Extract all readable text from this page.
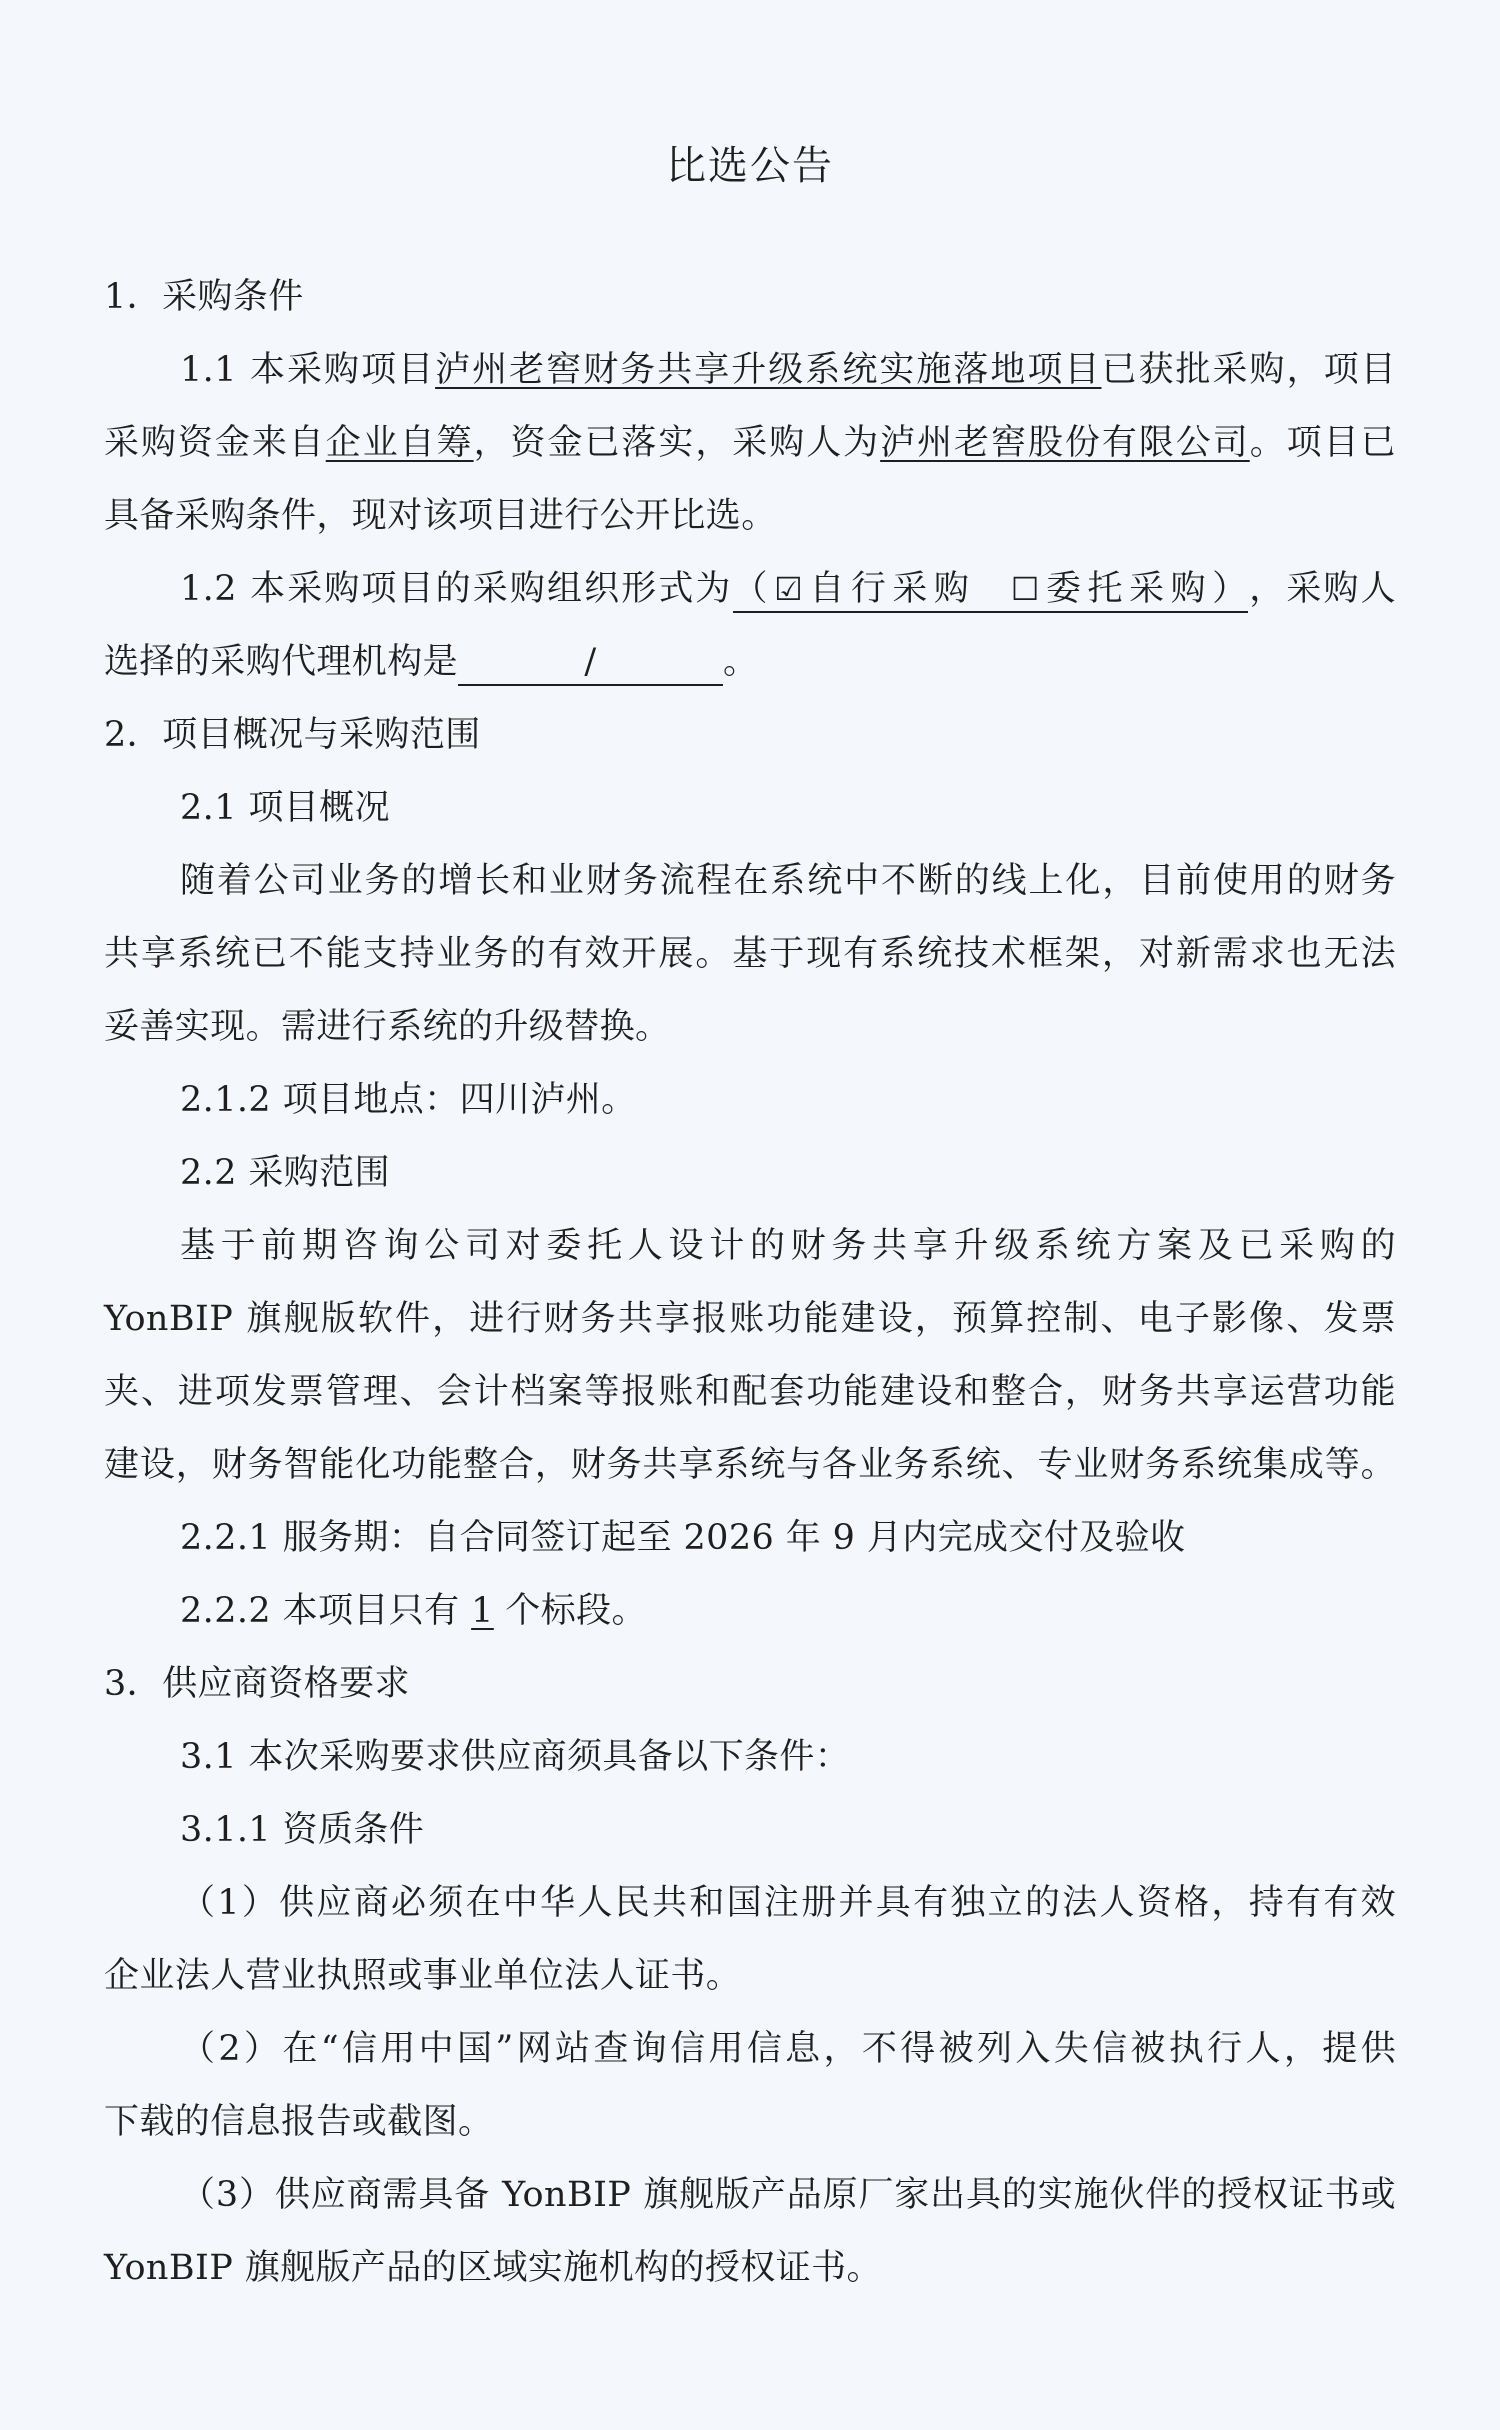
比选公告
1．采购条件
1.1 本采购项目泸州老窖财务共享升级系统实施落地项目已获批采购，项目
采购资金来自企业自筹，资金已落实，采购人为泸州老窖股份有限公司。项目已
具备采购条件，现对该项目进行公开比选。
1.2 本采购项目的采购组织形式为（☑自行采购 ☐委托采购），采购人
选择的采购代理机构是	/	。
2．项目概况与采购范围
2.1 项目概况
随着公司业务的增长和业财务流程在系统中不断的线上化，目前使用的财务
共享系统已不能支持业务的有效开展。基于现有系统技术框架，对新需求也无法
妥善实现。需进行系统的升级替换。
2.1.2 项目地点：四川泸州。
2.2 采购范围
基于前期咨询公司对委托人设计的财务共享升级系统方案及已采购的
YonBIP 旗舰版软件，进行财务共享报账功能建设，预算控制、电子影像、发票
夹、进项发票管理、会计档案等报账和配套功能建设和整合，财务共享运营功能
建设，财务智能化功能整合，财务共享系统与各业务系统、专业财务系统集成等。
2.2.1 服务期：自合同签订起至 2026 年 9 月内完成交付及验收
2.2.2 本项目只有 1 个标段。
3．供应商资格要求
3.1 本次采购要求供应商须具备以下条件：
3.1.1 资质条件
（1）供应商必须在中华人民共和国注册并具有独立的法人资格，持有有效
企业法人营业执照或事业单位法人证书。
（2）在“信用中国”网站查询信用信息，不得被列入失信被执行人，提供
下载的信息报告或截图。
（3）供应商需具备 YonBIP 旗舰版产品原厂家出具的实施伙伴的授权证书或
YonBIP 旗舰版产品的区域实施机构的授权证书。
